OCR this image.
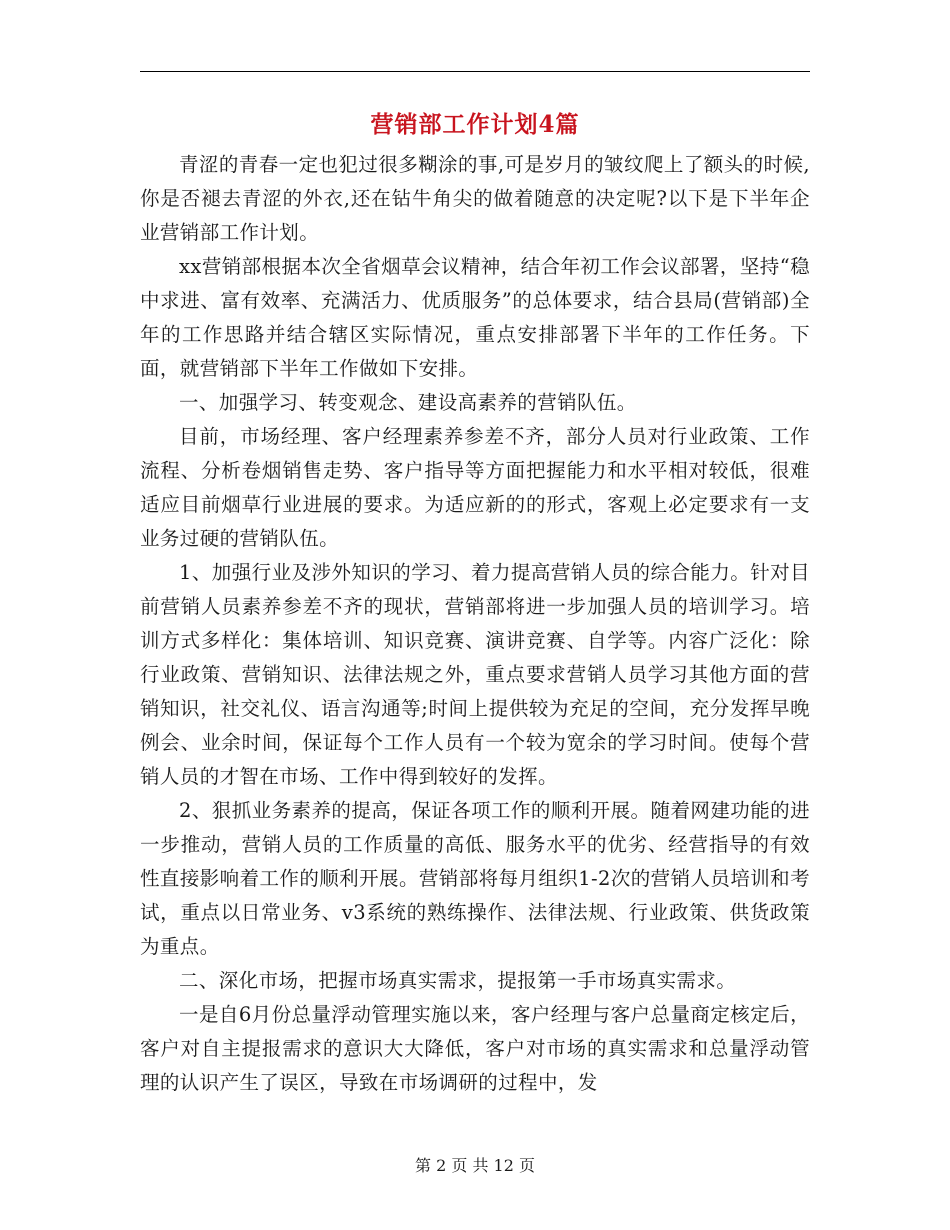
营销部工作计划4篇

青涩的青春一定也犯过很多糊涂的事,可是岁月的皱纹爬上了额头的时候,你是否褪去青涩的外衣,还在钻牛角尖的做着随意的决定呢?以下是下半年企业营销部工作计划。

xx营销部根据本次全省烟草会议精神，结合年初工作会议部署，坚持“稳中求进、富有效率、充满活力、优质服务”的总体要求，结合县局(营销部)全年的工作思路并结合辖区实际情况，重点安排部署下半年的工作任务。下面，就营销部下半年工作做如下安排。

一、加强学习、转变观念、建设高素养的营销队伍。

目前，市场经理、客户经理素养参差不齐，部分人员对行业政策、工作流程、分析卷烟销售走势、客户指导等方面把握能力和水平相对较低，很难适应目前烟草行业进展的要求。为适应新的的形式，客观上必定要求有一支业务过硬的营销队伍。

1、加强行业及涉外知识的学习、着力提高营销人员的综合能力。针对目前营销人员素养参差不齐的现状，营销部将进一步加强人员的培训学习。培训方式多样化：集体培训、知识竞赛、演讲竞赛、自学等。内容广泛化：除行业政策、营销知识、法律法规之外，重点要求营销人员学习其他方面的营销知识，社交礼仪、语言沟通等;时间上提供较为充足的空间，充分发挥早晚例会、业余时间，保证每个工作人员有一个较为宽余的学习时间。使每个营销人员的才智在市场、工作中得到较好的发挥。

2、狠抓业务素养的提高，保证各项工作的顺利开展。随着网建功能的进一步推动，营销人员的工作质量的高低、服务水平的优劣、经营指导的有效性直接影响着工作的顺利开展。营销部将每月组织1-2次的营销人员培训和考试，重点以日常业务、v3系统的熟练操作、法律法规、行业政策、供货政策为重点。

二、深化市场，把握市场真实需求，提报第一手市场真实需求。

一是自6月份总量浮动管理实施以来，客户经理与客户总量商定核定后，客户对自主提报需求的意识大大降低，客户对市场的真实需求和总量浮动管理的认识产生了误区，导致在市场调研的过程中，发

第 2 页 共 12 页
